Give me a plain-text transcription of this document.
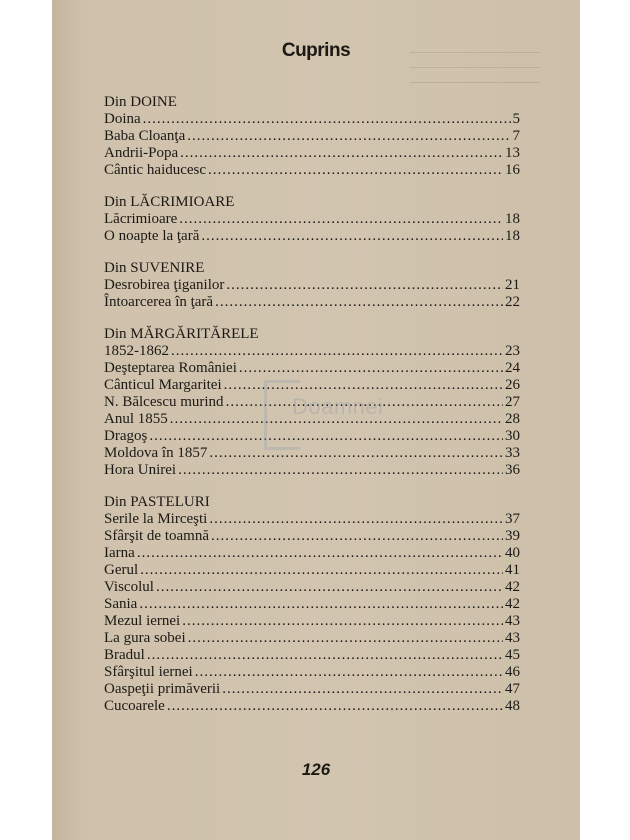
Cuprins
Din DOINE
Doina .....	5
Baba Cloanţa .....	7
Andrii-Popa .....	13
Cântic haiducesc .....	16
Din LĂCRIMIOARE
Lăcrimioare .....	18
O noapte la ţară .....	18
Din SUVENIRE
Desrobirea ţiganilor .....	21
Întoarcerea în ţară .....	22
Din MĂRGĂRITĂRELE
1852-1862 .....	23
Deşteptarea României .....	24
Cânticul Margaritei .....	26
N. Bălcescu murind .....	27
Anul 1855 .....	28
Dragoş .....	30
Moldova în 1857 .....	33
Hora Unirei .....	36
Din PASTELURI
Serile la Mirceşti .....	37
Sfârşit de toamnă .....	39
Iarna .....	40
Gerul .....	41
Viscolul .....	42
Sania .....	42
Mezul iernei .....	43
La gura sobei .....	43
Bradul .....	45
Sfârşitul iernei .....	46
Oaspeţii primăverii .....	47
Cucoarele .....	48
Doamnei
126
